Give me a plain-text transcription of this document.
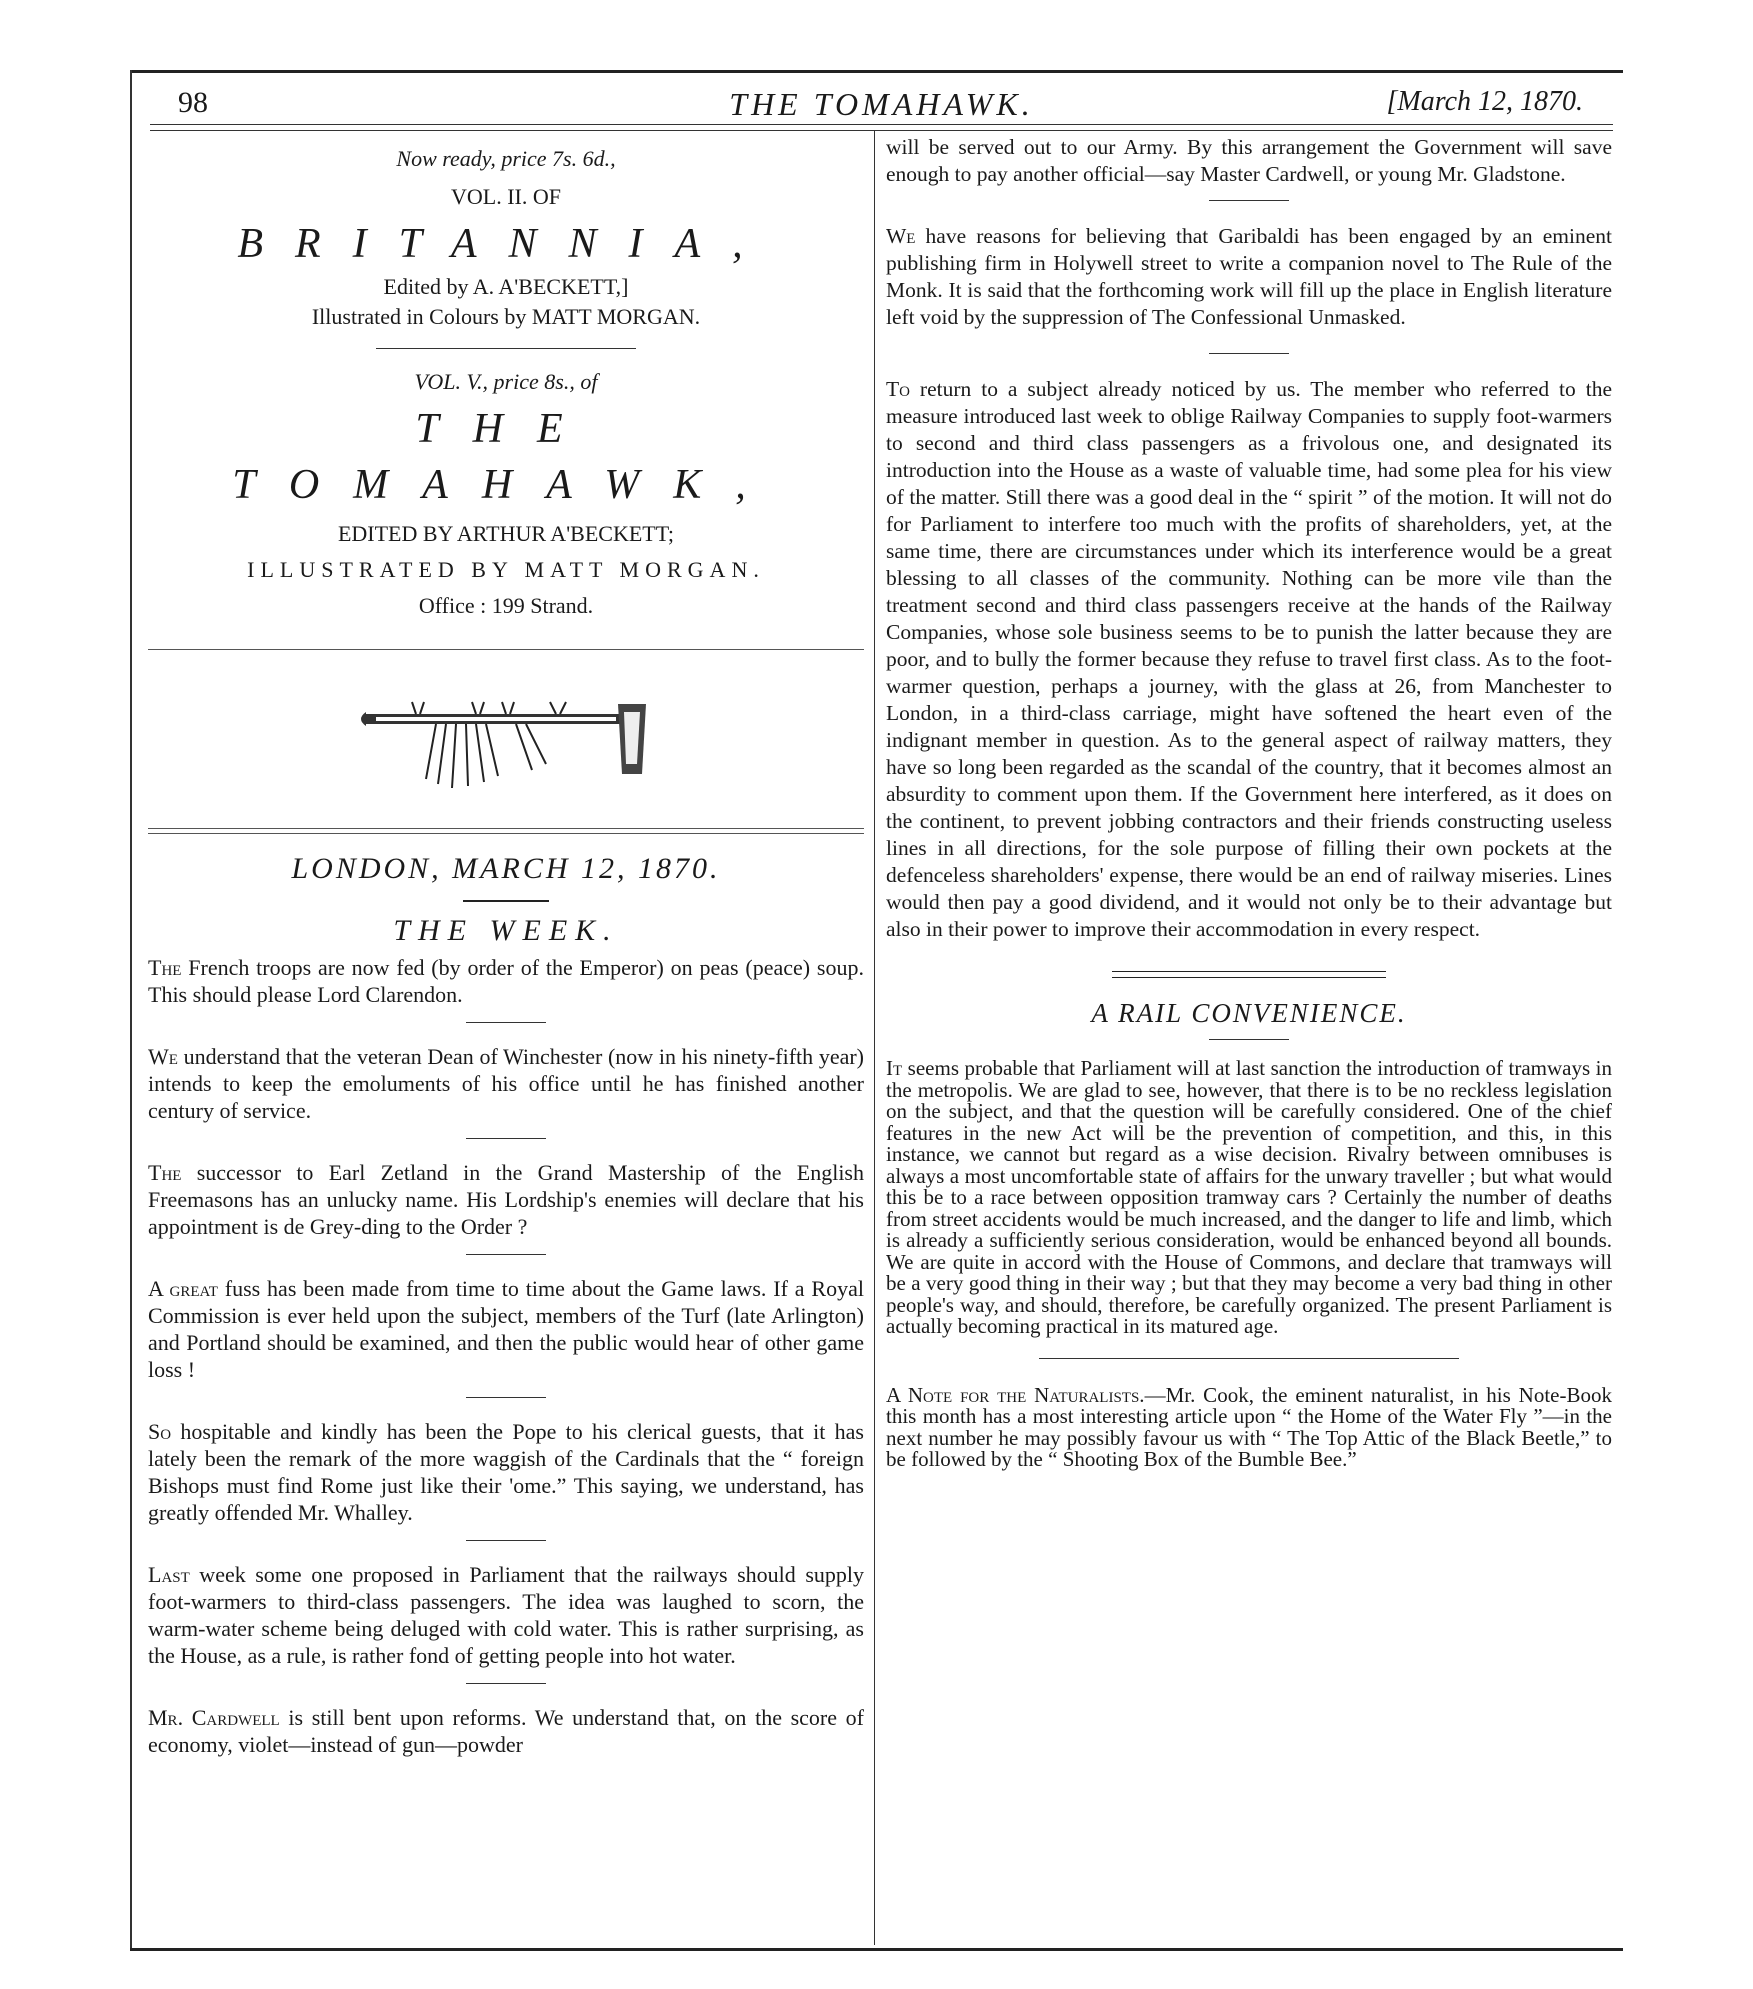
98	THE TOMAHAWK.	[March 12, 1870.
Now ready, price 7s. 6d.,
VOL. II. OF
BRITANNIA,
Edited by A. A'BECKETT,]
Illustrated in Colours by MATT MORGAN.
VOL. V., price 8s., of
THE TOMAHAWK,
EDITED BY ARTHUR A'BECKETT;
ILLUSTRATED BY MATT MORGAN.
Office : 199 Strand.
LONDON, MARCH 12, 1870.
THE WEEK.

The French troops are now fed (by order of the Emperor) on peas (peace) soup. This should please Lord Clarendon.

We understand that the veteran Dean of Winchester (now in his ninety-fifth year) intends to keep the emoluments of his office until he has finished another century of service.

The successor to Earl Zetland in the Grand Mastership of the English Freemasons has an unlucky name. His Lordship's enemies will declare that his appointment is de Grey-ding to the Order ?

A great fuss has been made from time to time about the Game laws. If a Royal Commission is ever held upon the subject, members of the Turf (late Arlington) and Portland should be examined, and then the public would hear of other game loss !

So hospitable and kindly has been the Pope to his clerical guests, that it has lately been the remark of the more waggish of the Cardinals that the “ foreign Bishops must find Rome just like their 'ome.” This saying, we understand, has greatly offended Mr. Whalley.

Last week some one proposed in Parliament that the railways should supply foot-warmers to third-class passengers. The idea was laughed to scorn, the warm-water scheme being deluged with cold water. This is rather surprising, as the House, as a rule, is rather fond of getting people into hot water.

Mr. Cardwell is still bent upon reforms. We understand that, on the score of economy, violet—instead of gun—powder

will be served out to our Army. By this arrangement the Government will save enough to pay another official—say Master Cardwell, or young Mr. Gladstone.

We have reasons for believing that Garibaldi has been engaged by an eminent publishing firm in Holywell street to write a companion novel to The Rule of the Monk. It is said that the forthcoming work will fill up the place in English literature left void by the suppression of The Confessional Unmasked.

To return to a subject already noticed by us. The member who referred to the measure introduced last week to oblige Railway Companies to supply foot-warmers to second and third class passengers as a frivolous one, and designated its introduction into the House as a waste of valuable time, had some plea for his view of the matter. Still there was a good deal in the “ spirit ” of the motion. It will not do for Parliament to interfere too much with the profits of shareholders, yet, at the same time, there are circumstances under which its interference would be a great blessing to all classes of the community. Nothing can be more vile than the treatment second and third class passengers receive at the hands of the Railway Companies, whose sole business seems to be to punish the latter because they are poor, and to bully the former because they refuse to travel first class. As to the foot-warmer question, perhaps a journey, with the glass at 26, from Manchester to London, in a third-class carriage, might have softened the heart even of the indignant member in question. As to the general aspect of railway matters, they have so long been regarded as the scandal of the country, that it becomes almost an absurdity to comment upon them. If the Government here interfered, as it does on the continent, to prevent jobbing contractors and their friends constructing useless lines in all directions, for the sole purpose of filling their own pockets at the defenceless shareholders' expense, there would be an end of railway miseries. Lines would then pay a good dividend, and it would not only be to their advantage but also in their power to improve their accommodation in every respect.

A RAIL CONVENIENCE.

It seems probable that Parliament will at last sanction the introduction of tramways in the metropolis. We are glad to see, however, that there is to be no reckless legislation on the subject, and that the question will be carefully considered. One of the chief features in the new Act will be the prevention of competition, and this, in this instance, we cannot but regard as a wise decision. Rivalry between omnibuses is always a most uncomfortable state of affairs for the unwary traveller ; but what would this be to a race between opposition tramway cars ? Certainly the number of deaths from street accidents would be much increased, and the danger to life and limb, which is already a sufficiently serious consideration, would be enhanced beyond all bounds. We are quite in accord with the House of Commons, and declare that tramways will be a very good thing in their way ; but that they may become a very bad thing in other people's way, and should, therefore, be carefully organized. The present Parliament is actually becoming practical in its matured age.

A Note for the Naturalists.—Mr. Cook, the eminent naturalist, in his Note-Book this month has a most interesting article upon “ the Home of the Water Fly ”—in the next number he may possibly favour us with “ The Top Attic of the Black Beetle,” to be followed by the “ Shooting Box of the Bumble Bee.”
